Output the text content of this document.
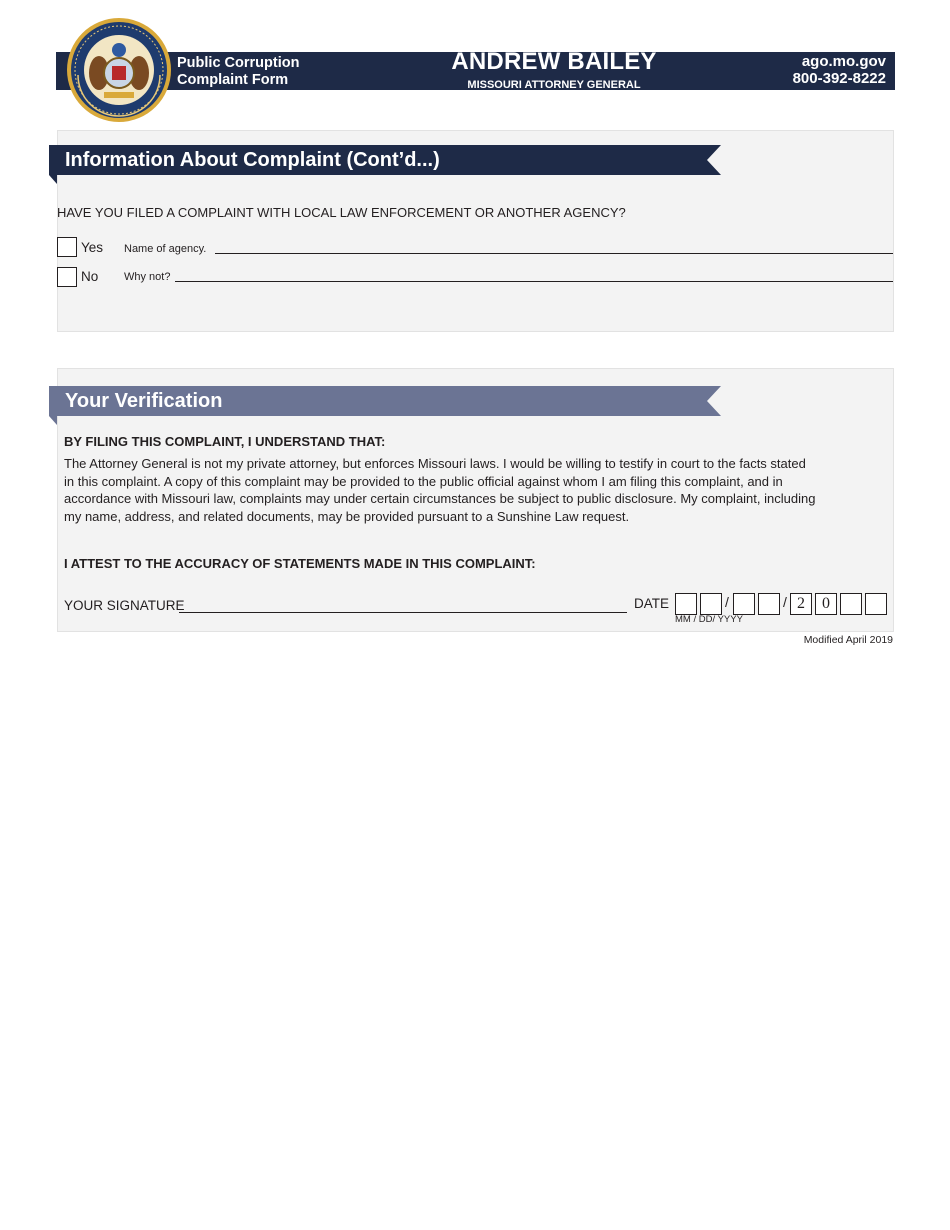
Public Corruption
Complaint Form
ANDREW BAILEY
MISSOURI ATTORNEY GENERAL
ago.mo.gov
800-392-8222
Information About Complaint (Cont’d...)
HAVE YOU FILED A COMPLAINT WITH LOCAL LAW ENFORCEMENT OR ANOTHER AGENCY?
Yes Name of agency.
No Why not?
Your Verification
BY FILING THIS COMPLAINT, I UNDERSTAND THAT:
The Attorney General is not my private attorney, but enforces Missouri laws. I would be willing to testify in court to the facts stated
in this complaint. A copy of this complaint may be provided to the public official against whom I am filing this complaint, and in
accordance with Missouri law, complaints may under certain circumstances be subject to public disclosure. My complaint, including
my name, address, and related documents, may be provided pursuant to a Sunshine Law request.
I ATTEST TO THE ACCURACY OF STATEMENTS MADE IN THIS COMPLAINT:
YOUR SIGNATURE	DATE	/	/ 2	0
MM / DD/ YYYY
Modified April 2019
